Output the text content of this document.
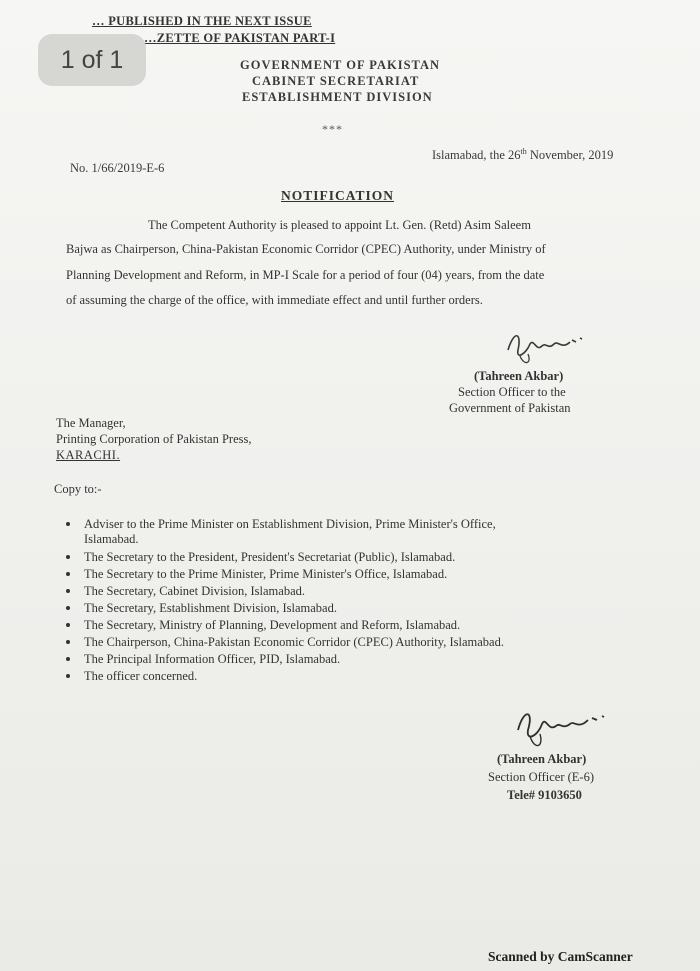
… PUBLISHED IN THE NEXT ISSUE
…ZETTE OF PAKISTAN PART-I
1 of 1	GOVERNMENT OF PAKISTAN
CABINET SECRETARIAT
ESTABLISHMENT DIVISION
***
No. 1/66/2019-E-6
Islamabad, the 26th November, 2019
NOTIFICATION
The Competent Authority is pleased to appoint Lt. Gen. (Retd) Asim Saleem
Bajwa as Chairperson, China-Pakistan Economic Corridor (CPEC) Authority, under Ministry of
Planning Development and Reform, in MP-I Scale for a period of four (04) years, from the date
of assuming the charge of the office, with immediate effect and until further orders.
(Tahreen Akbar)
Section Officer to the
Government of Pakistan
The Manager,
Printing Corporation of Pakistan Press,
KARACHI.
Copy to:-
Adviser to the Prime Minister on Establishment Division, Prime Minister's Office,
Islamabad.
The Secretary to the President, President's Secretariat (Public), Islamabad.
The Secretary to the Prime Minister, Prime Minister's Office, Islamabad.
The Secretary, Cabinet Division, Islamabad.
The Secretary, Establishment Division, Islamabad.
The Secretary, Ministry of Planning, Development and Reform, Islamabad.
The Chairperson, China-Pakistan Economic Corridor (CPEC) Authority, Islamabad.
The Principal Information Officer, PID, Islamabad.
The officer concerned.
(Tahreen Akbar)
Section Officer (E-6)
Tele# 9103650
Scanned by CamScanner
